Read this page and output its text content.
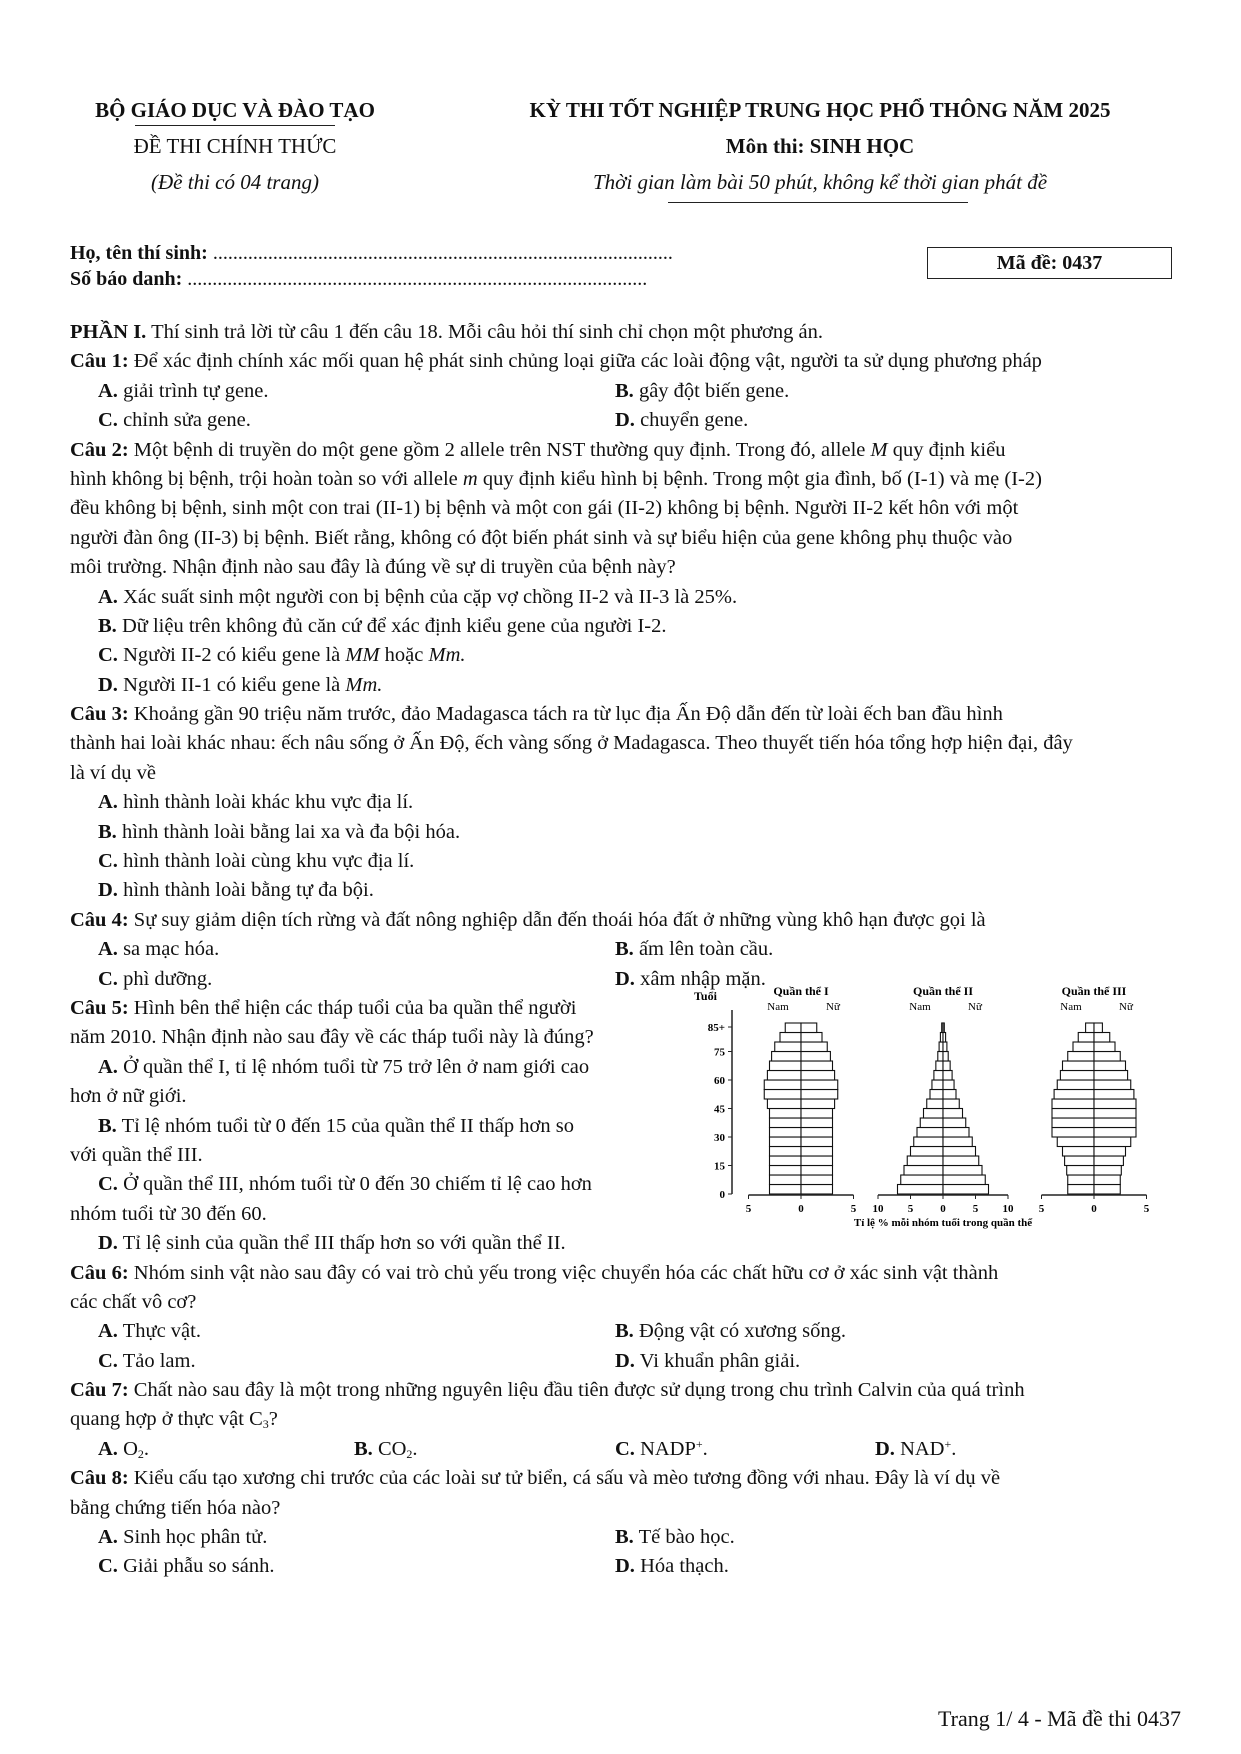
BỘ GIÁO DỤC VÀ ĐÀO TẠO
ĐỀ THI CHÍNH THỨC
(Đề thi có 04 trang)
KỲ THI TỐT NGHIỆP TRUNG HỌC PHỔ THÔNG NĂM 2025
Môn thi: SINH HỌC
Thời gian làm bài 50 phút, không kể thời gian phát đề
Họ, tên thí sinh: ............................................................................................
Số báo danh: ............................................................................................
Mã đề: 0437
PHẦN I. Thí sinh trả lời từ câu 1 đến câu 18. Mỗi câu hỏi thí sinh chỉ chọn một phương án.
Câu 1: Để xác định chính xác mối quan hệ phát sinh chủng loại giữa các loài động vật, người ta sử dụng phương pháp
A. giải trình tự gene.	B. gây đột biến gene.
C. chỉnh sửa gene.	D. chuyển gene.
Câu 2: Một bệnh di truyền do một gene gồm 2 allele trên NST thường quy định. Trong đó, allele M quy định kiểu
hình không bị bệnh, trội hoàn toàn so với allele m quy định kiểu hình bị bệnh. Trong một gia đình, bố (I-1) và mẹ (I-2)
đều không bị bệnh, sinh một con trai (II-1) bị bệnh và một con gái (II-2) không bị bệnh. Người II-2 kết hôn với một
người đàn ông (II-3) bị bệnh. Biết rằng, không có đột biến phát sinh và sự biểu hiện của gene không phụ thuộc vào
môi trường. Nhận định nào sau đây là đúng về sự di truyền của bệnh này?
A. Xác suất sinh một người con bị bệnh của cặp vợ chồng II-2 và II-3 là 25%.
B. Dữ liệu trên không đủ căn cứ để xác định kiểu gene của người I-2.
C. Người II-2 có kiểu gene là MM hoặc Mm.
D. Người II-1 có kiểu gene là Mm.
Câu 3: Khoảng gần 90 triệu năm trước, đảo Madagasca tách ra từ lục địa Ấn Độ dẫn đến từ loài ếch ban đầu hình
thành hai loài khác nhau: ếch nâu sống ở Ấn Độ, ếch vàng sống ở Madagasca. Theo thuyết tiến hóa tổng hợp hiện đại, đây
là ví dụ về
A. hình thành loài khác khu vực địa lí.
B. hình thành loài bằng lai xa và đa bội hóa.
C. hình thành loài cùng khu vực địa lí.
D. hình thành loài bằng tự đa bội.
Câu 4: Sự suy giảm diện tích rừng và đất nông nghiệp dẫn đến thoái hóa đất ở những vùng khô hạn được gọi là
A. sa mạc hóa.	B. ấm lên toàn cầu.
C. phì dưỡng.	D. xâm nhập mặn.
Câu 5: Hình bên thể hiện các tháp tuổi của ba quần thể người
năm 2010. Nhận định nào sau đây về các tháp tuổi này là đúng?
A. Ở quần thể I, tỉ lệ nhóm tuổi từ 75 trở lên ở nam giới cao
hơn ở nữ giới.
B. Tỉ lệ nhóm tuổi từ 0 đến 15 của quần thể II thấp hơn so
với quần thể III.
C. Ở quần thể III, nhóm tuổi từ 0 đến 30 chiếm tỉ lệ cao hơn
nhóm tuổi từ 30 đến 60.
D. Tỉ lệ sinh của quần thể III thấp hơn so với quần thể II.
Câu 6: Nhóm sinh vật nào sau đây có vai trò chủ yếu trong việc chuyển hóa các chất hữu cơ ở xác sinh vật thành
các chất vô cơ?
A. Thực vật.	B. Động vật có xương sống.
C. Tảo lam.	D. Vi khuẩn phân giải.
Câu 7: Chất nào sau đây là một trong những nguyên liệu đầu tiên được sử dụng trong chu trình Calvin của quá trình
quang hợp ở thực vật $C_3$?
A. $O_2$.	B. $CO_2$.	C. NADP+.	D. NAD+.
Câu 8: Kiểu cấu tạo xương chi trước của các loài sư tử biển, cá sấu và mèo tương đồng với nhau. Đây là ví dụ về
bằng chứng tiến hóa nào?
A. Sinh học phân tử.	B. Tế bào học.
C. Giải phẫu so sánh.	D. Hóa thạch.
Tuổi
0
15
30
45
60
75
85+
Quần thể I
Nam	Nữ
5	0	5
Quần thể II
Nam	Nữ
10 5 0 5 10
Quần thể III
Nam	Nữ
5	0	5
Tỉ lệ % mỗi nhóm tuổi trong quần thể
Trang 1/ 4 - Mã đề thi 0437
